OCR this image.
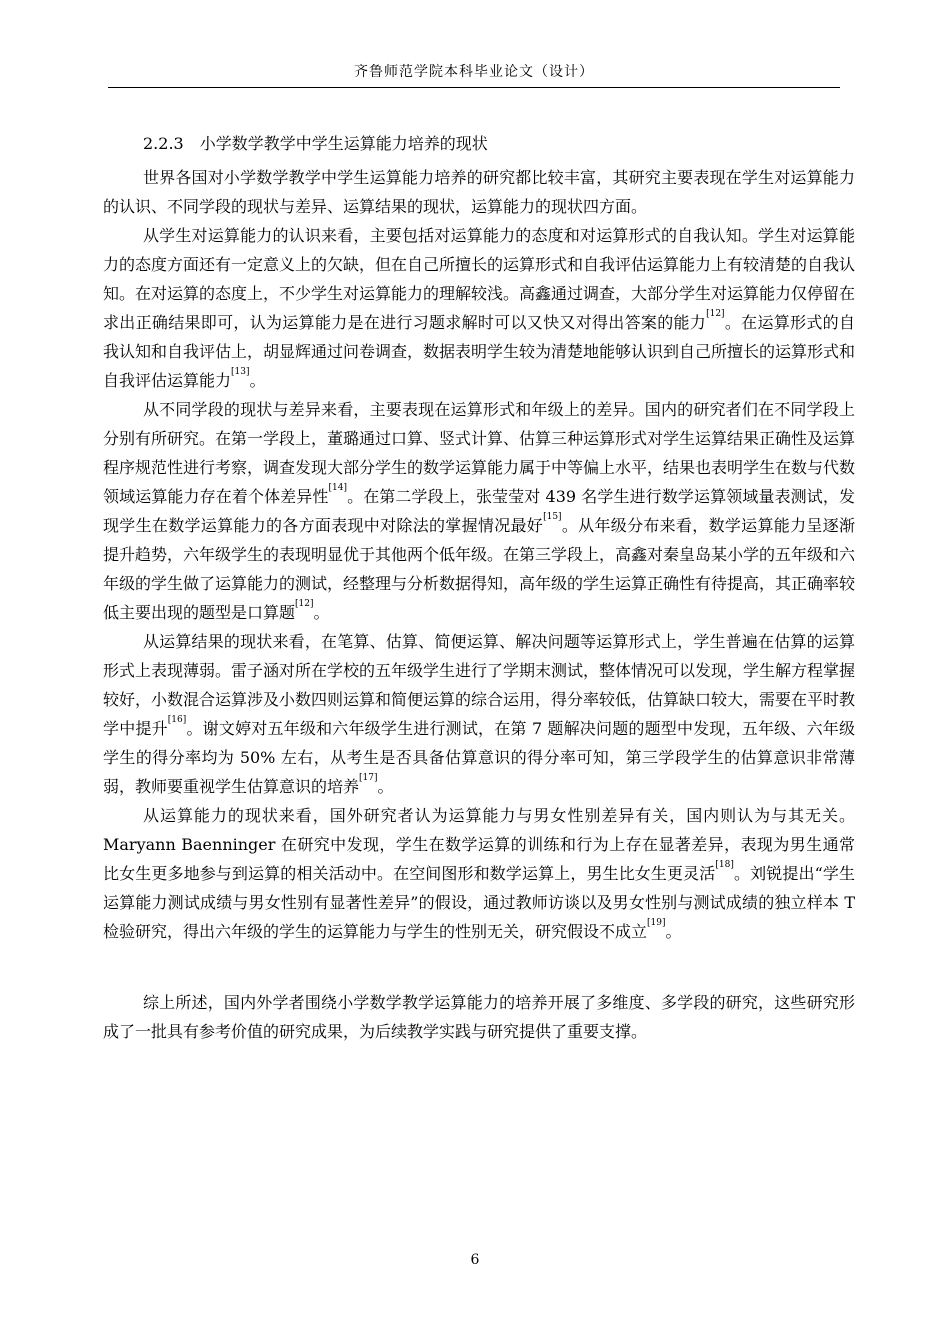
齐鲁师范学院本科毕业论文（设计）
2.2.3　小学数学教学中学生运算能力培养的现状

世界各国对小学数学教学中学生运算能力培养的研究都比较丰富，其研究主要表现在学生对运算能力的认识、不同学段的现状与差异、运算结果的现状，运算能力的现状四方面。

从学生对运算能力的认识来看，主要包括对运算能力的态度和对运算形式的自我认知。学生对运算能力的态度方面还有一定意义上的欠缺，但在自己所擅长的运算形式和自我评估运算能力上有较清楚的自我认知。在对运算的态度上，不少学生对运算能力的理解较浅。高鑫通过调查，大部分学生对运算能力仅停留在求出正确结果即可，认为运算能力是在进行习题求解时可以又快又对得出答案的能力[12]。在运算形式的自我认知和自我评估上，胡显辉通过问卷调查，数据表明学生较为清楚地能够认识到自己所擅长的运算形式和自我评估运算能力[13]。

从不同学段的现状与差异来看，主要表现在运算形式和年级上的差异。国内的研究者们在不同学段上分别有所研究。在第一学段上，董璐通过口算、竖式计算、估算三种运算形式对学生运算结果正确性及运算程序规范性进行考察，调查发现大部分学生的数学运算能力属于中等偏上水平，结果也表明学生在数与代数领域运算能力存在着个体差异性[14]。在第二学段上，张莹莹对 439 名学生进行数学运算领域量表测试，发现学生在数学运算能力的各方面表现中对除法的掌握情况最好[15]。从年级分布来看，数学运算能力呈逐渐提升趋势，六年级学生的表现明显优于其他两个低年级。在第三学段上，高鑫对秦皇岛某小学的五年级和六年级的学生做了运算能力的测试，经整理与分析数据得知，高年级的学生运算正确性有待提高，其正确率较低主要出现的题型是口算题[12]。

从运算结果的现状来看，在笔算、估算、简便运算、解决问题等运算形式上，学生普遍在估算的运算形式上表现薄弱。雷子涵对所在学校的五年级学生进行了学期末测试，整体情况可以发现，学生解方程掌握较好，小数混合运算涉及小数四则运算和简便运算的综合运用，得分率较低，估算缺口较大，需要在平时教学中提升[16]。谢文婷对五年级和六年级学生进行测试，在第 7 题解决问题的题型中发现，五年级、六年级学生的得分率均为 50% 左右，从考生是否具备估算意识的得分率可知，第三学段学生的估算意识非常薄弱，教师要重视学生估算意识的培养[17]。

从运算能力的现状来看，国外研究者认为运算能力与男女性别差异有关，国内则认为与其无关。Maryann Baenninger 在研究中发现，学生在数学运算的训练和行为上存在显著差异，表现为男生通常比女生更多地参与到运算的相关活动中。在空间图形和数学运算上，男生比女生更灵活[18]。刘锐提出“学生运算能力测试成绩与男女性别有显著性差异”的假设，通过教师访谈以及男女性别与测试成绩的独立样本 T 检验研究，得出六年级的学生的运算能力与学生的性别无关，研究假设不成立[19]。

综上所述，国内外学者围绕小学数学教学运算能力的培养开展了多维度、多学段的研究，这些研究形成了一批具有参考价值的研究成果，为后续教学实践与研究提供了重要支撑。

6
